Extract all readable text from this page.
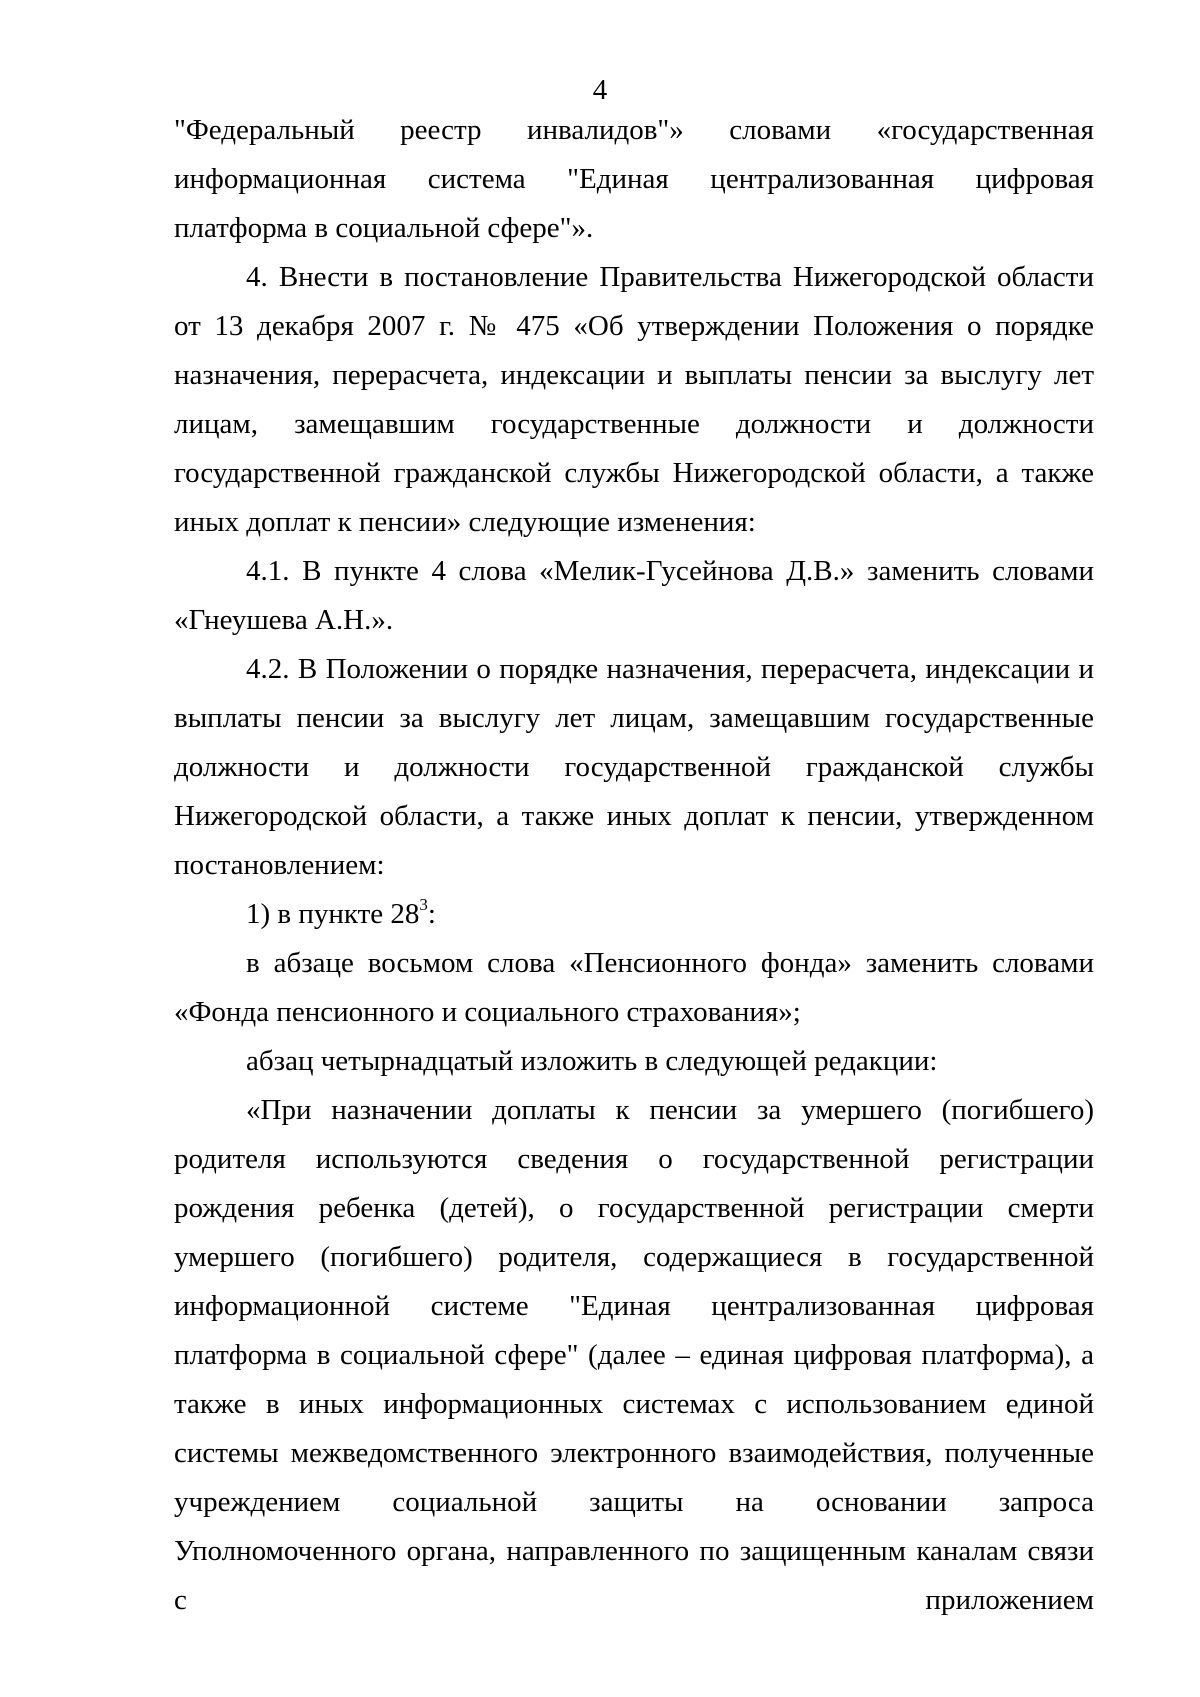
4

"Федеральный реестр инвалидов"» словами «государственная информационная система "Единая централизованная цифровая платформа в социальной сфере"».

4. Внести в постановление Правительства Нижегородской области от 13 декабря 2007 г. № 475 «Об утверждении Положения о порядке назначения, перерасчета, индексации и выплаты пенсии за выслугу лет лицам, замещавшим государственные должности и должности государственной гражданской службы Нижегородской области, а также иных доплат к пенсии» следующие изменения:

4.1. В пункте 4 слова «Мелик-Гусейнова Д.В.» заменить словами «Гнеушева А.Н.».

4.2. В Положении о порядке назначения, перерасчета, индексации и выплаты пенсии за выслугу лет лицам, замещавшим государственные должности и должности государственной гражданской службы Нижегородской области, а также иных доплат к пенсии, утвержденном постановлением:

1) в пункте $28^3$:

в абзаце восьмом слова «Пенсионного фонда» заменить словами «Фонда пенсионного и социального страхования»;

абзац четырнадцатый изложить в следующей редакции:

«При назначении доплаты к пенсии за умершего (погибшего) родителя используются сведения о государственной регистрации рождения ребенка (детей), о государственной регистрации смерти умершего (погибшего) родителя, содержащиеся в государственной информационной системе "Единая централизованная цифровая платформа в социальной сфере" (далее – единая цифровая платформа), а также в иных информационных системах с использованием единой системы межведомственного электронного взаимодействия, полученные учреждением социальной защиты на основании запроса Уполномоченного органа, направленного по защищенным каналам связи с приложением
